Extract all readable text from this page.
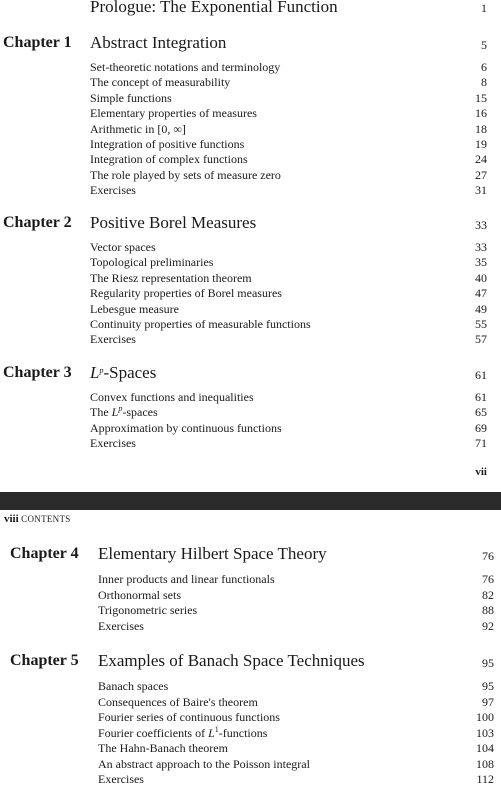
Prologue: The Exponential Function	1
Chapter 1 Abstract Integration	5
Set-theoretic notations and terminology	6
The concept of measurability	8
Simple functions	15
Elementary properties of measures	16
Arithmetic in [0, ∞]	18
Integration of positive functions	19
Integration of complex functions	24
The role played by sets of measure zero	27
Exercises	31
Chapter 2 Positive Borel Measures	33
Vector spaces	33
Topological preliminaries	35
The Riesz representation theorem	40
Regularity properties of Borel measures	47
Lebesgue measure	49
Continuity properties of measurable functions	55
Exercises	57
Chapter 3 $L^p$-Spaces	61
Convex functions and inequalities	61
The $L^p$-spaces	65
Approximation by continuous functions	69
Exercises	71
vii
viii CONTENTS
Chapter 4 Elementary Hilbert Space Theory	76
Inner products and linear functionals	76
Orthonormal sets	82
Trigonometric series	88
Exercises	92
Chapter 5 Examples of Banach Space Techniques	95
Banach spaces	95
Consequences of Baire's theorem	97
Fourier series of continuous functions	100
Fourier coefficients of $L^1$-functions	103
The Hahn-Banach theorem	104
An abstract approach to the Poisson integral	108
Exercises	112
